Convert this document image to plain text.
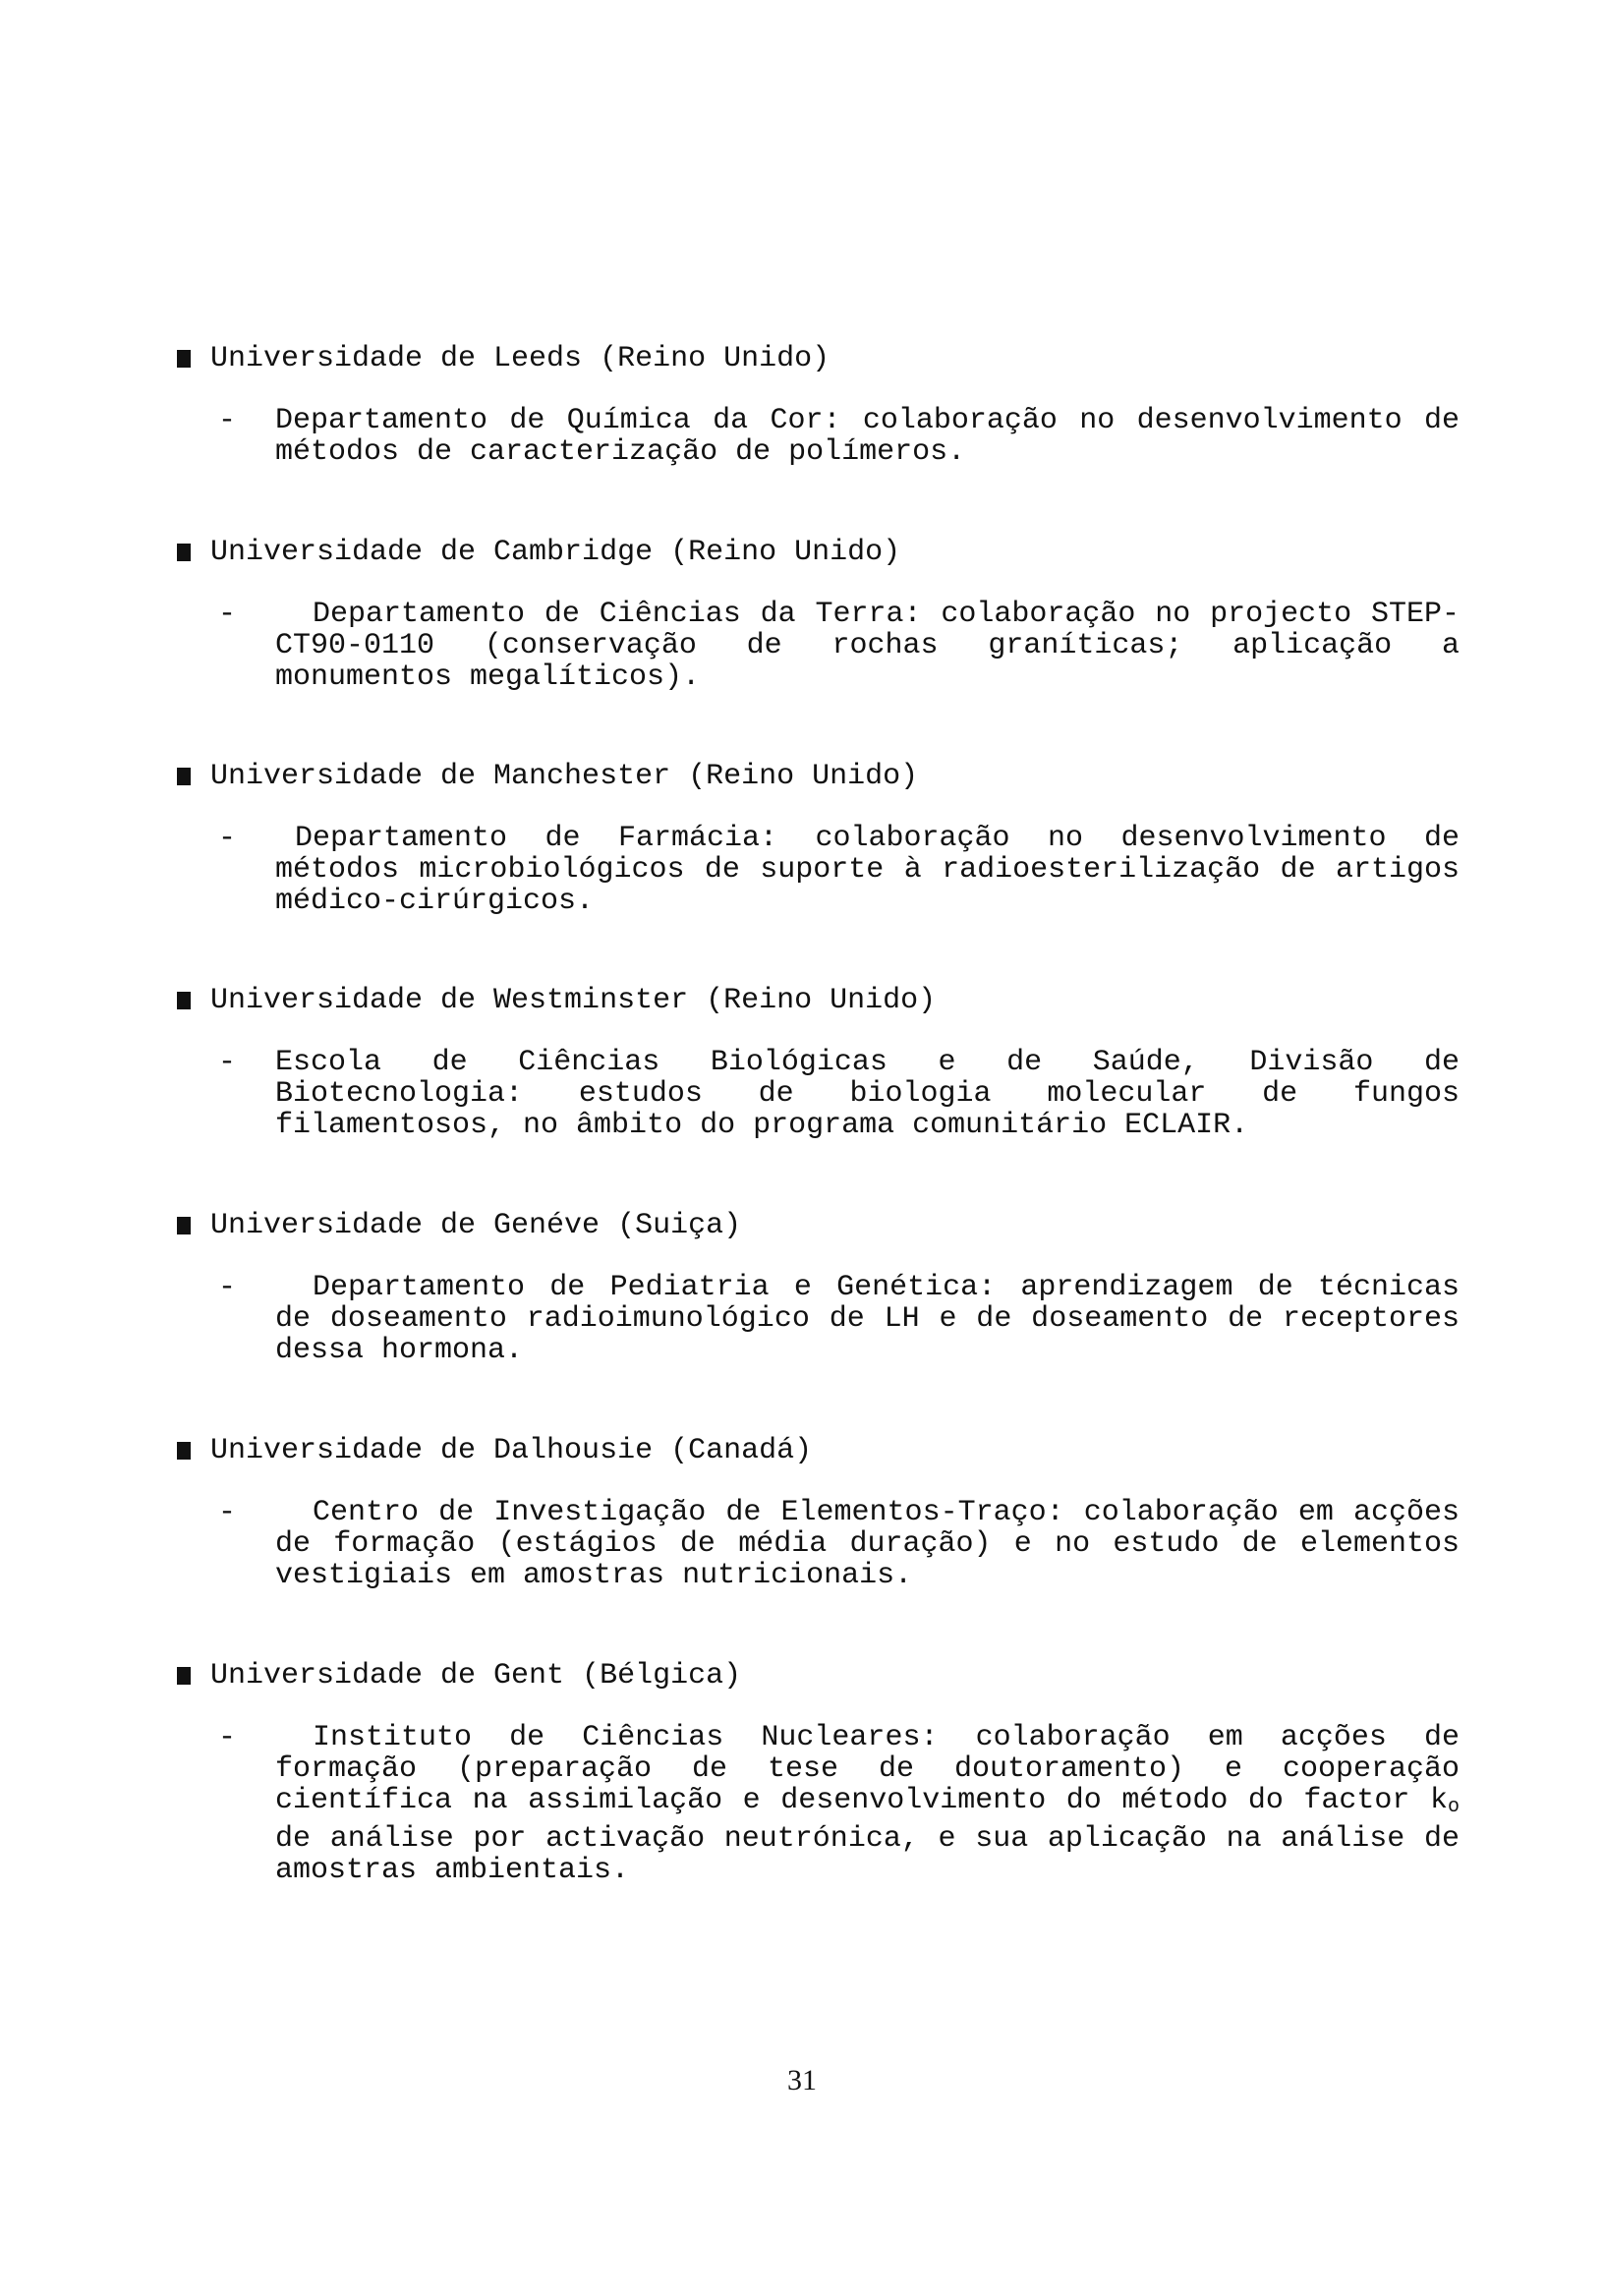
Universidade de Leeds (Reino Unido)
- Departamento de Química da Cor: colaboração no desenvolvimento de métodos de caracterização de polímeros.
Universidade de Cambridge (Reino Unido)
-	Departamento de Ciências da Terra: colaboração no projecto STEP-CT90-0110 (conservação de rochas graníticas; aplicação a monumentos megalíticos).
Universidade de Manchester (Reino Unido)
-	Departamento de Farmácia: colaboração no desenvolvimento de métodos microbiológicos de suporte à radioesterilização de artigos médico-cirúrgicos.
Universidade de Westminster (Reino Unido)
- Escola de Ciências Biológicas e de Saúde, Divisão de Biotecnologia: estudos de biologia molecular de fungos filamentosos, no âmbito do programa comunitário ECLAIR.
Universidade de Genéve (Suiça)
-	Departamento de Pediatria e Genética: aprendizagem de técnicas de doseamento radioimunológico de LH e de doseamento de receptores dessa hormona.
Universidade de Dalhousie (Canadá)
-	Centro de Investigação de Elementos-Traço: colaboração em acções de formação (estágios de média duração) e no estudo de elementos vestigiais em amostras nutricionais.
Universidade de Gent (Bélgica)
-	Instituto de Ciências Nucleares: colaboração em acções de formação (preparação de tese de doutoramento) e cooperação científica na assimilação e desenvolvimento do método do factor $k_o$ de análise por activação neutrónica, e sua aplicação na análise de amostras ambientais.
31
